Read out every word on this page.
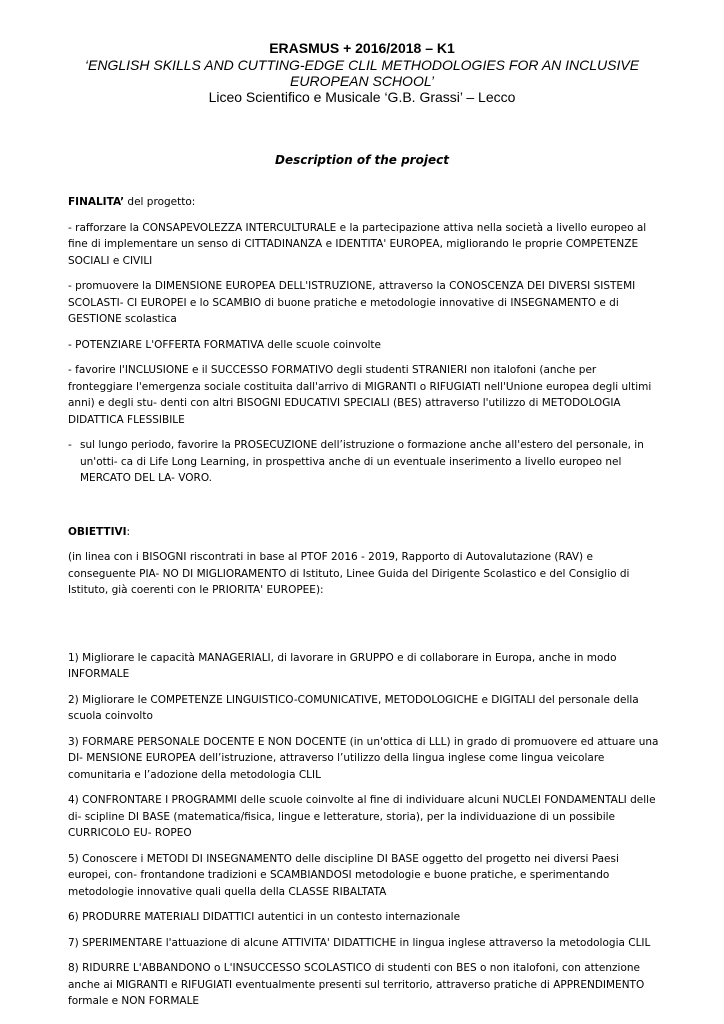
ERASMUS + 2016/2018 – K1
‘ENGLISH SKILLS AND CUTTING-EDGE CLIL METHODOLOGIES FOR AN INCLUSIVE
EUROPEAN SCHOOL’
Liceo Scientifico e Musicale ‘G.B. Grassi’ – Lecco
Description of the project

FINALITA’ del progetto:

- rafforzare la CONSAPEVOLEZZA INTERCULTURALE e la partecipazione attiva nella società a livello europeo al fine di implementare un senso di CITTADINANZA e IDENTITA' EUROPEA, migliorando le proprie COMPETENZE SOCIALI e CIVILI

- promuovere la DIMENSIONE EUROPEA DELL'ISTRUZIONE, attraverso la CONOSCENZA DEI DIVERSI SISTEMI SCOLASTI- CI EUROPEI e lo SCAMBIO di buone pratiche e metodologie innovative di INSEGNAMENTO e di GESTIONE scolastica

- POTENZIARE L'OFFERTA FORMATIVA delle scuole coinvolte

- favorire l'INCLUSIONE e il SUCCESSO FORMATIVO degli studenti STRANIERI non italofoni (anche per fronteggiare l'emergenza sociale costituita dall'arrivo di MIGRANTI o RIFUGIATI nell'Unione europea degli ultimi anni) e degli stu- denti con altri BISOGNI EDUCATIVI SPECIALI (BES) attraverso l'utilizzo di METODOLOGIA DIDATTICA FLESSIBILE

- sul lungo periodo, favorire la PROSECUZIONE dell’istruzione o formazione anche all'estero del personale, in un'otti- ca di Life Long Learning, in prospettiva anche di un eventuale inserimento a livello europeo nel MERCATO DEL LA- VORO.

OBIETTIVI:

(in linea con i BISOGNI riscontrati in base al PTOF 2016 - 2019, Rapporto di Autovalutazione (RAV) e conseguente PIA- NO DI MIGLIORAMENTO di Istituto, Linee Guida del Dirigente Scolastico e del Consiglio di Istituto, già coerenti con le PRIORITA' EUROPEE):

1) Migliorare le capacità MANAGERIALI, di lavorare in GRUPPO e di collaborare in Europa, anche in modo INFORMALE

2) Migliorare le COMPETENZE LINGUISTICO-COMUNICATIVE, METODOLOGICHE e DIGITALI del personale della scuola coinvolto

3) FORMARE PERSONALE DOCENTE E NON DOCENTE (in un'ottica di LLL) in grado di promuovere ed attuare una DI- MENSIONE EUROPEA dell’istruzione, attraverso l’utilizzo della lingua inglese come lingua veicolare comunitaria e l’adozione della metodologia CLIL

4) CONFRONTARE I PROGRAMMI delle scuole coinvolte al fine di individuare alcuni NUCLEI FONDAMENTALI delle di- scipline DI BASE (matematica/fisica, lingue e letterature, storia), per la individuazione di un possibile CURRICOLO EU- ROPEO

5) Conoscere i METODI DI INSEGNAMENTO delle discipline DI BASE oggetto del progetto nei diversi Paesi europei, con- frontandone tradizioni e SCAMBIANDOSI metodologie e buone pratiche, e sperimentando metodologie innovative quali quella della CLASSE RIBALTATA

6) PRODURRE MATERIALI DIDATTICI autentici in un contesto internazionale

7) SPERIMENTARE l'attuazione di alcune ATTIVITA' DIDATTICHE in lingua inglese attraverso la metodologia CLIL

8) RIDURRE L'ABBANDONO o L'INSUCCESSO SCOLASTICO di studenti con BES o non italofoni, con attenzione anche ai MIGRANTI e RIFUGIATI eventualmente presenti sul territorio, attraverso pratiche di APPRENDIMENTO formale e NON FORMALE
